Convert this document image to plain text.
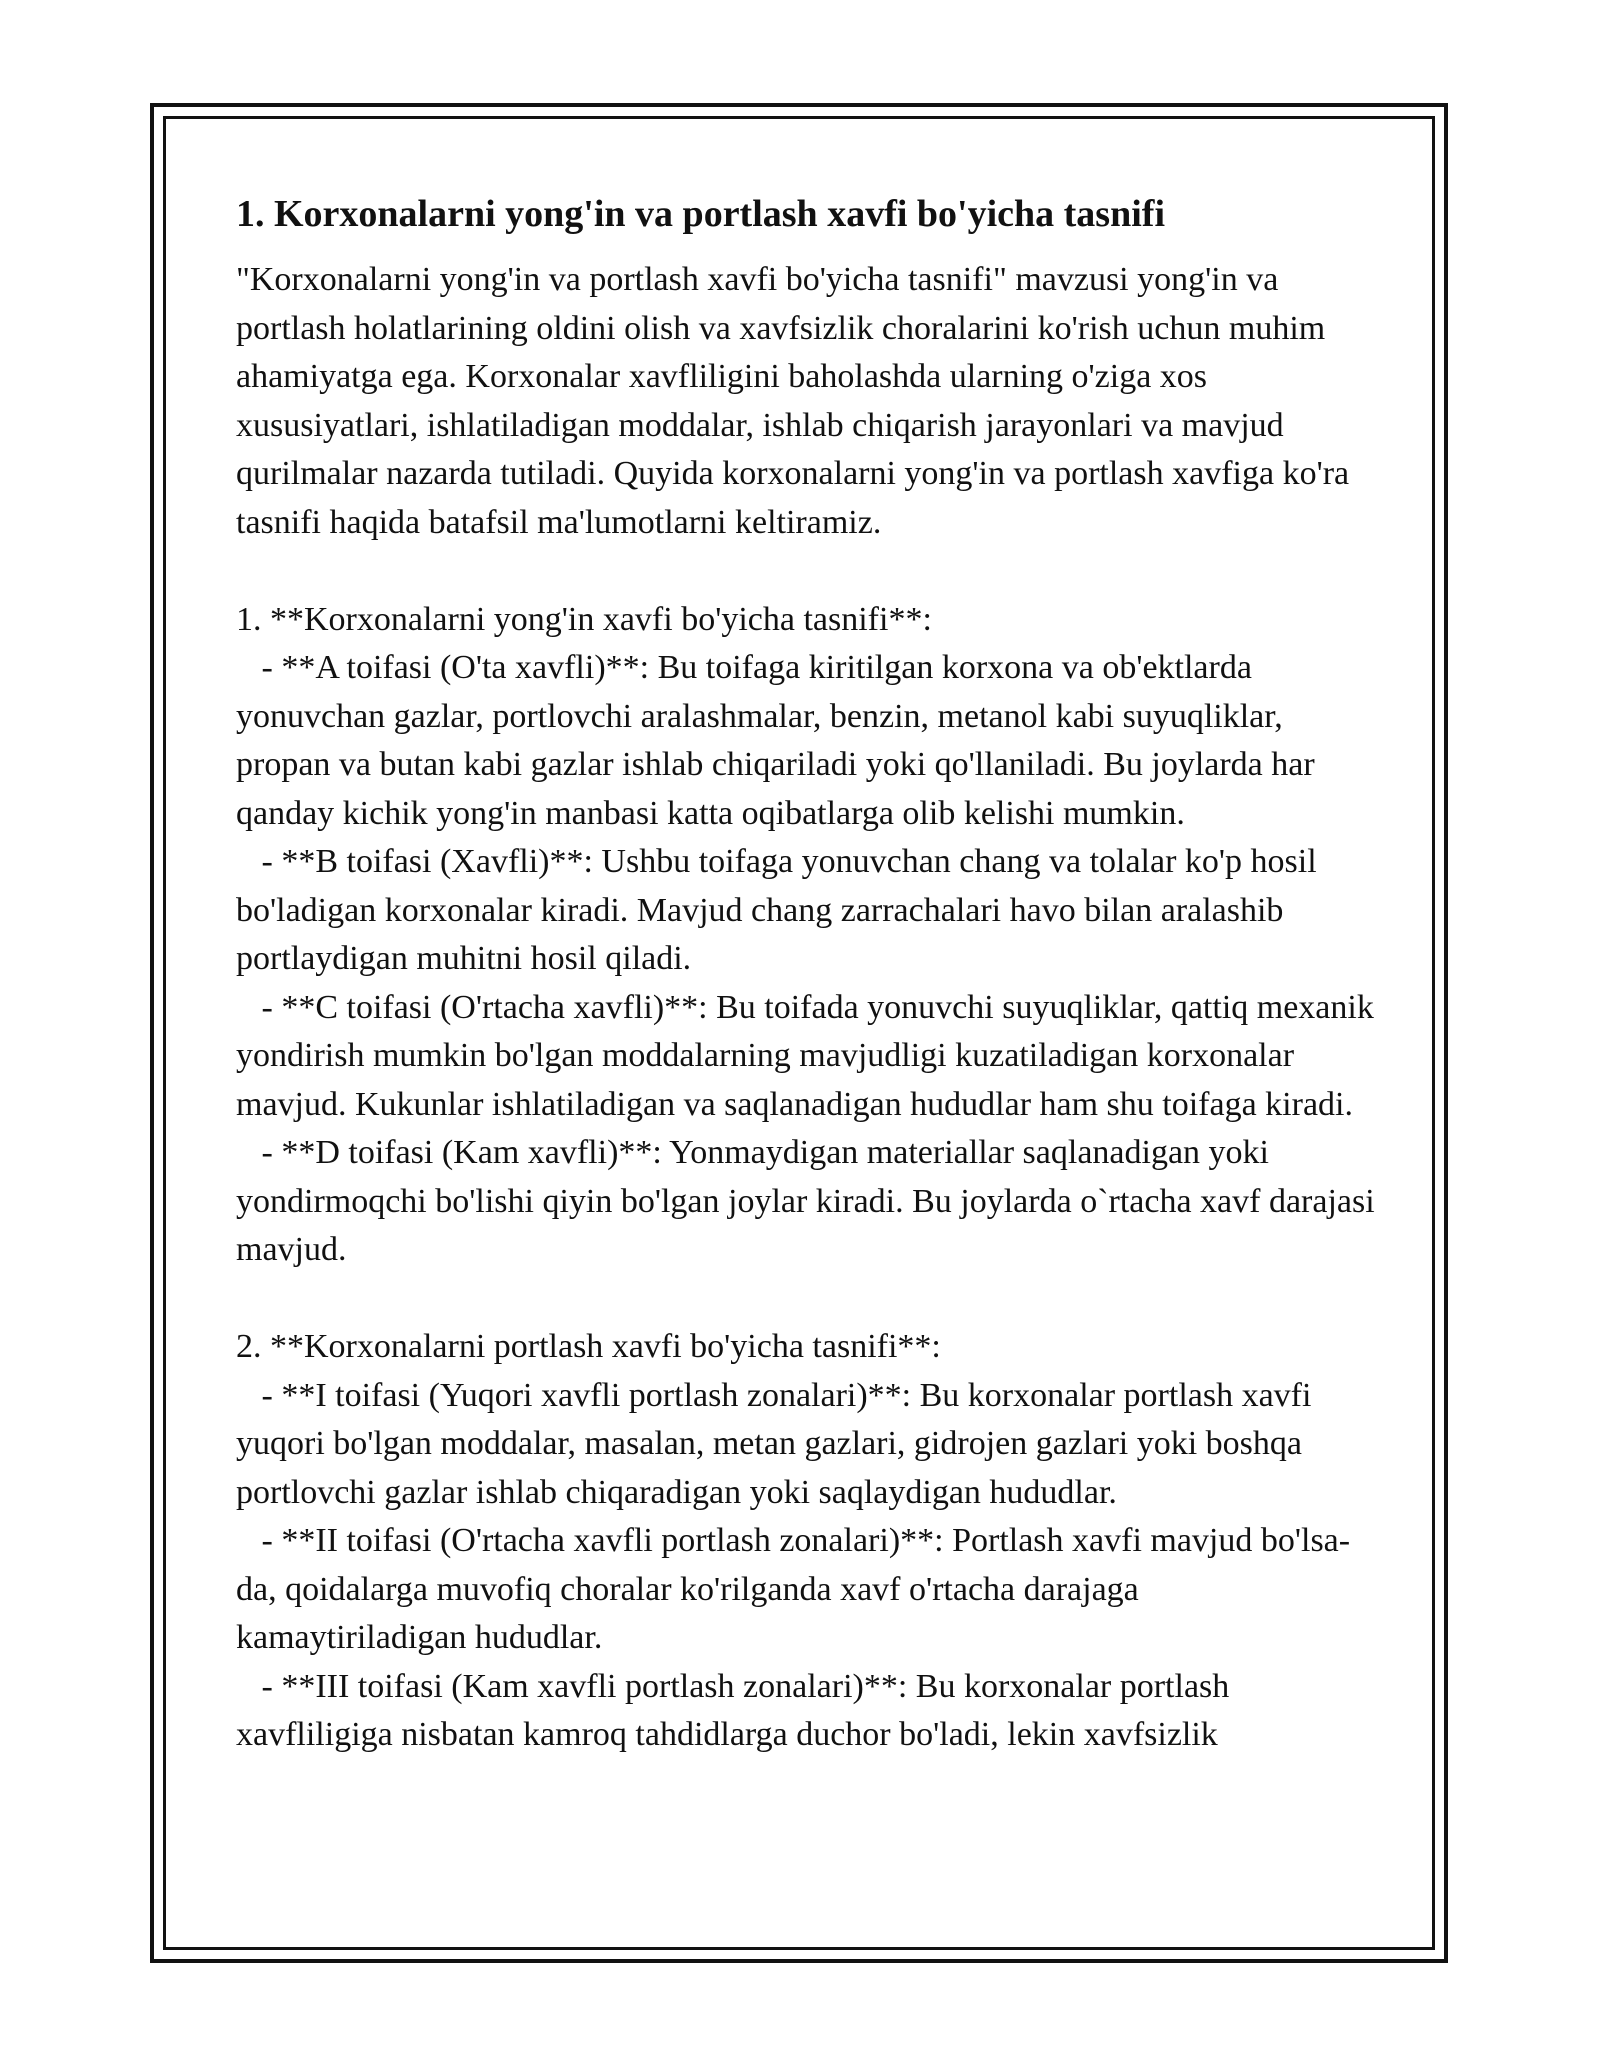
1. Korxonalarni yong'in va portlash xavfi bo'yicha tasnifi

"Korxonalarni yong'in va portlash xavfi bo'yicha tasnifi" mavzusi yong'in va portlash holatlarining oldini olish va xavfsizlik choralarini ko'rish uchun muhim ahamiyatga ega. Korxonalar xavfliligini baholashda ularning o'ziga xos xususiyatlari, ishlatiladigan moddalar, ishlab chiqarish jarayonlari va mavjud qurilmalar nazarda tutiladi. Quyida korxonalarni yong'in va portlash xavfiga ko'ra tasnifi haqida batafsil ma'lumotlarni keltiramiz.

1. **Korxonalarni yong'in xavfi bo'yicha tasnifi**:

- **A toifasi (O'ta xavfli)**: Bu toifaga kiritilgan korxona va ob'ektlarda yonuvchan gazlar, portlovchi aralashmalar, benzin, metanol kabi suyuqliklar, propan va butan kabi gazlar ishlab chiqariladi yoki qo'llaniladi. Bu joylarda har qanday kichik yong'in manbasi katta oqibatlarga olib kelishi mumkin.

- **B toifasi (Xavfli)**: Ushbu toifaga yonuvchan chang va tolalar ko'p hosil bo'ladigan korxonalar kiradi. Mavjud chang zarrachalari havo bilan aralashib portlaydigan muhitni hosil qiladi.

- **C toifasi (O'rtacha xavfli)**: Bu toifada yonuvchi suyuqliklar, qattiq mexanik yondirish mumkin bo'lgan moddalarning mavjudligi kuzatiladigan korxonalar mavjud. Kukunlar ishlatiladigan va saqlanadigan hududlar ham shu toifaga kiradi.

- **D toifasi (Kam xavfli)**: Yonmaydigan materiallar saqlanadigan yoki yondirmoqchi bo'lishi qiyin bo'lgan joylar kiradi. Bu joylarda o`rtacha xavf darajasi mavjud.

2. **Korxonalarni portlash xavfi bo'yicha tasnifi**:

- **I toifasi (Yuqori xavfli portlash zonalari)**: Bu korxonalar portlash xavfi yuqori bo'lgan moddalar, masalan, metan gazlari, gidrojen gazlari yoki boshqa portlovchi gazlar ishlab chiqaradigan yoki saqlaydigan hududlar.

- **II toifasi (O'rtacha xavfli portlash zonalari)**: Portlash xavfi mavjud bo'lsa-da, qoidalarga muvofiq choralar ko'rilganda xavf o'rtacha darajaga kamaytiriladigan hududlar.

- **III toifasi (Kam xavfli portlash zonalari)**: Bu korxonalar portlash xavfliligiga nisbatan kamroq tahdidlarga duchor bo'ladi, lekin xavfsizlik
